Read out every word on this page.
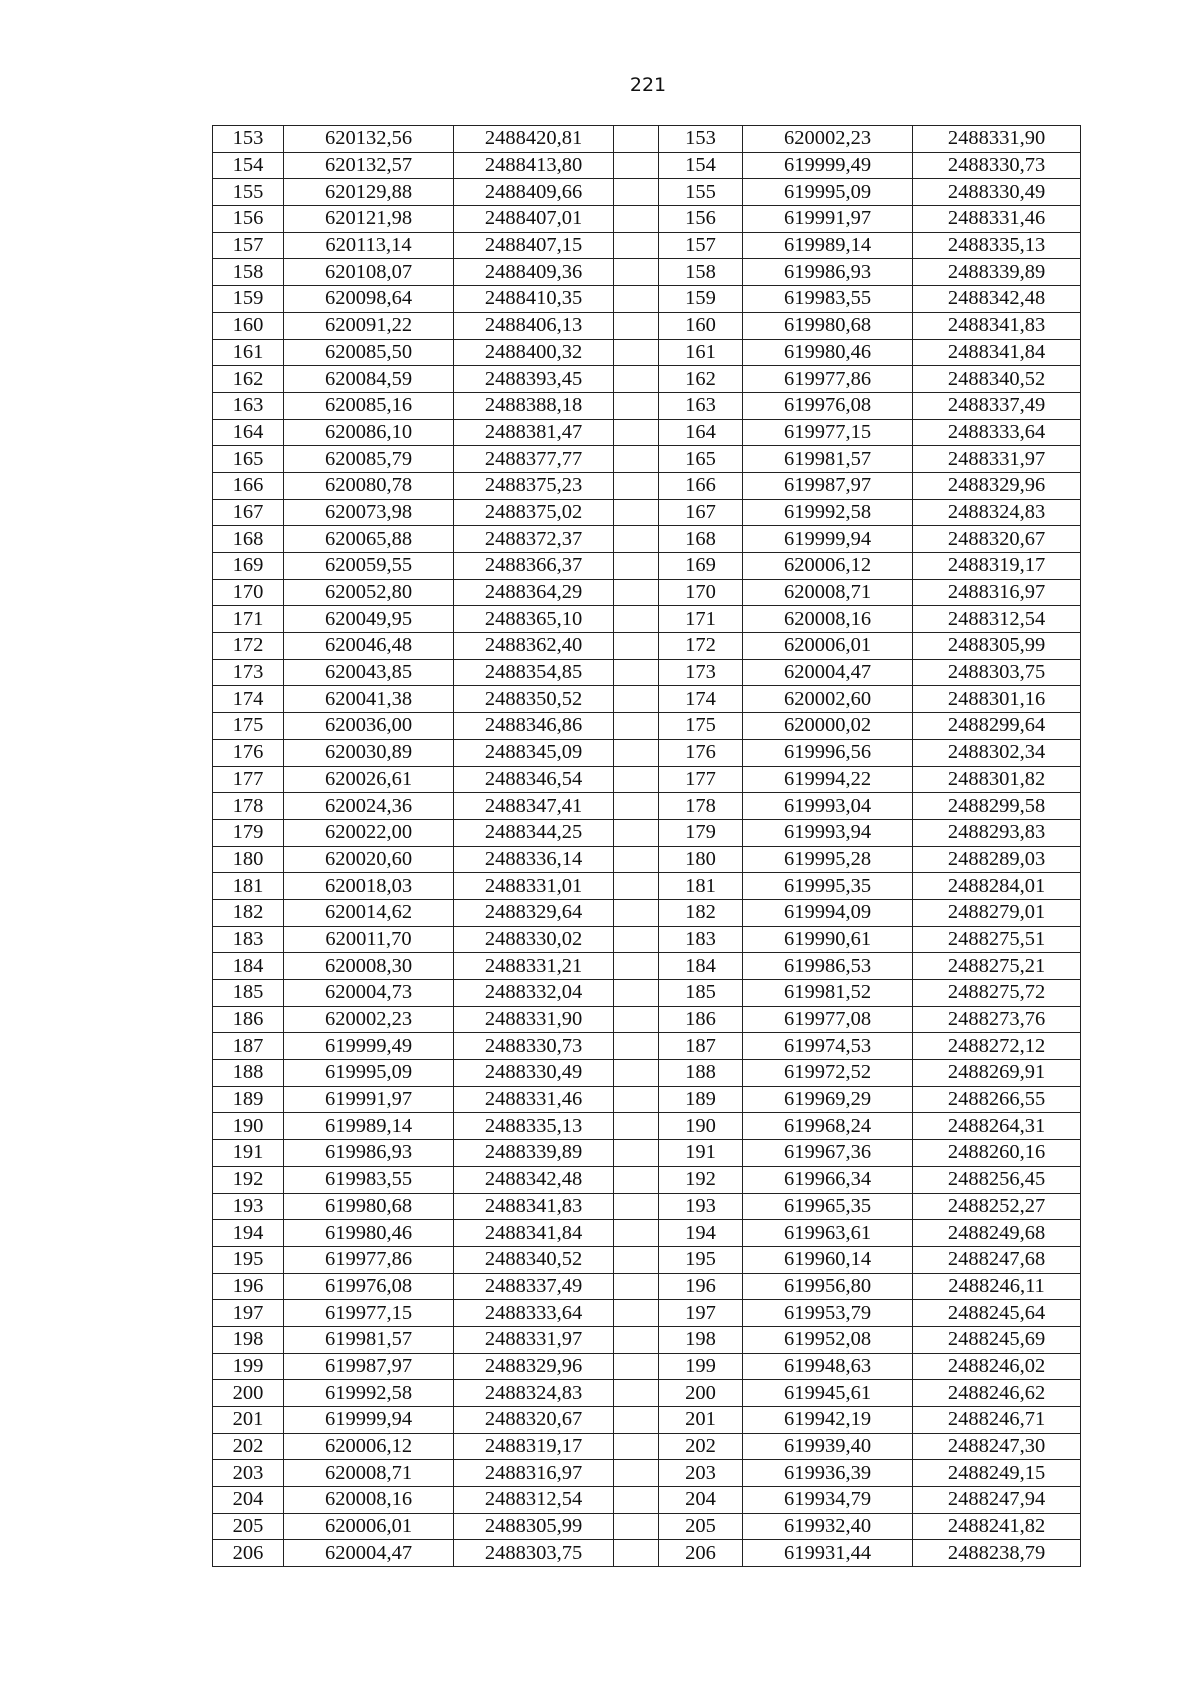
221
153	620132,56	2488420,81		153	620002,23	2488331,90
154	620132,57	2488413,80		154	619999,49	2488330,73
155	620129,88	2488409,66		155	619995,09	2488330,49
156	620121,98	2488407,01		156	619991,97	2488331,46
157	620113,14	2488407,15		157	619989,14	2488335,13
158	620108,07	2488409,36		158	619986,93	2488339,89
159	620098,64	2488410,35		159	619983,55	2488342,48
160	620091,22	2488406,13		160	619980,68	2488341,83
161	620085,50	2488400,32		161	619980,46	2488341,84
162	620084,59	2488393,45		162	619977,86	2488340,52
163	620085,16	2488388,18		163	619976,08	2488337,49
164	620086,10	2488381,47		164	619977,15	2488333,64
165	620085,79	2488377,77		165	619981,57	2488331,97
166	620080,78	2488375,23		166	619987,97	2488329,96
167	620073,98	2488375,02		167	619992,58	2488324,83
168	620065,88	2488372,37		168	619999,94	2488320,67
169	620059,55	2488366,37		169	620006,12	2488319,17
170	620052,80	2488364,29		170	620008,71	2488316,97
171	620049,95	2488365,10		171	620008,16	2488312,54
172	620046,48	2488362,40		172	620006,01	2488305,99
173	620043,85	2488354,85		173	620004,47	2488303,75
174	620041,38	2488350,52		174	620002,60	2488301,16
175	620036,00	2488346,86		175	620000,02	2488299,64
176	620030,89	2488345,09		176	619996,56	2488302,34
177	620026,61	2488346,54		177	619994,22	2488301,82
178	620024,36	2488347,41		178	619993,04	2488299,58
179	620022,00	2488344,25		179	619993,94	2488293,83
180	620020,60	2488336,14		180	619995,28	2488289,03
181	620018,03	2488331,01		181	619995,35	2488284,01
182	620014,62	2488329,64		182	619994,09	2488279,01
183	620011,70	2488330,02		183	619990,61	2488275,51
184	620008,30	2488331,21		184	619986,53	2488275,21
185	620004,73	2488332,04		185	619981,52	2488275,72
186	620002,23	2488331,90		186	619977,08	2488273,76
187	619999,49	2488330,73		187	619974,53	2488272,12
188	619995,09	2488330,49		188	619972,52	2488269,91
189	619991,97	2488331,46		189	619969,29	2488266,55
190	619989,14	2488335,13		190	619968,24	2488264,31
191	619986,93	2488339,89		191	619967,36	2488260,16
192	619983,55	2488342,48		192	619966,34	2488256,45
193	619980,68	2488341,83		193	619965,35	2488252,27
194	619980,46	2488341,84		194	619963,61	2488249,68
195	619977,86	2488340,52		195	619960,14	2488247,68
196	619976,08	2488337,49		196	619956,80	2488246,11
197	619977,15	2488333,64		197	619953,79	2488245,64
198	619981,57	2488331,97		198	619952,08	2488245,69
199	619987,97	2488329,96		199	619948,63	2488246,02
200	619992,58	2488324,83		200	619945,61	2488246,62
201	619999,94	2488320,67		201	619942,19	2488246,71
202	620006,12	2488319,17		202	619939,40	2488247,30
203	620008,71	2488316,97		203	619936,39	2488249,15
204	620008,16	2488312,54		204	619934,79	2488247,94
205	620006,01	2488305,99		205	619932,40	2488241,82
206	620004,47	2488303,75		206	619931,44	2488238,79
